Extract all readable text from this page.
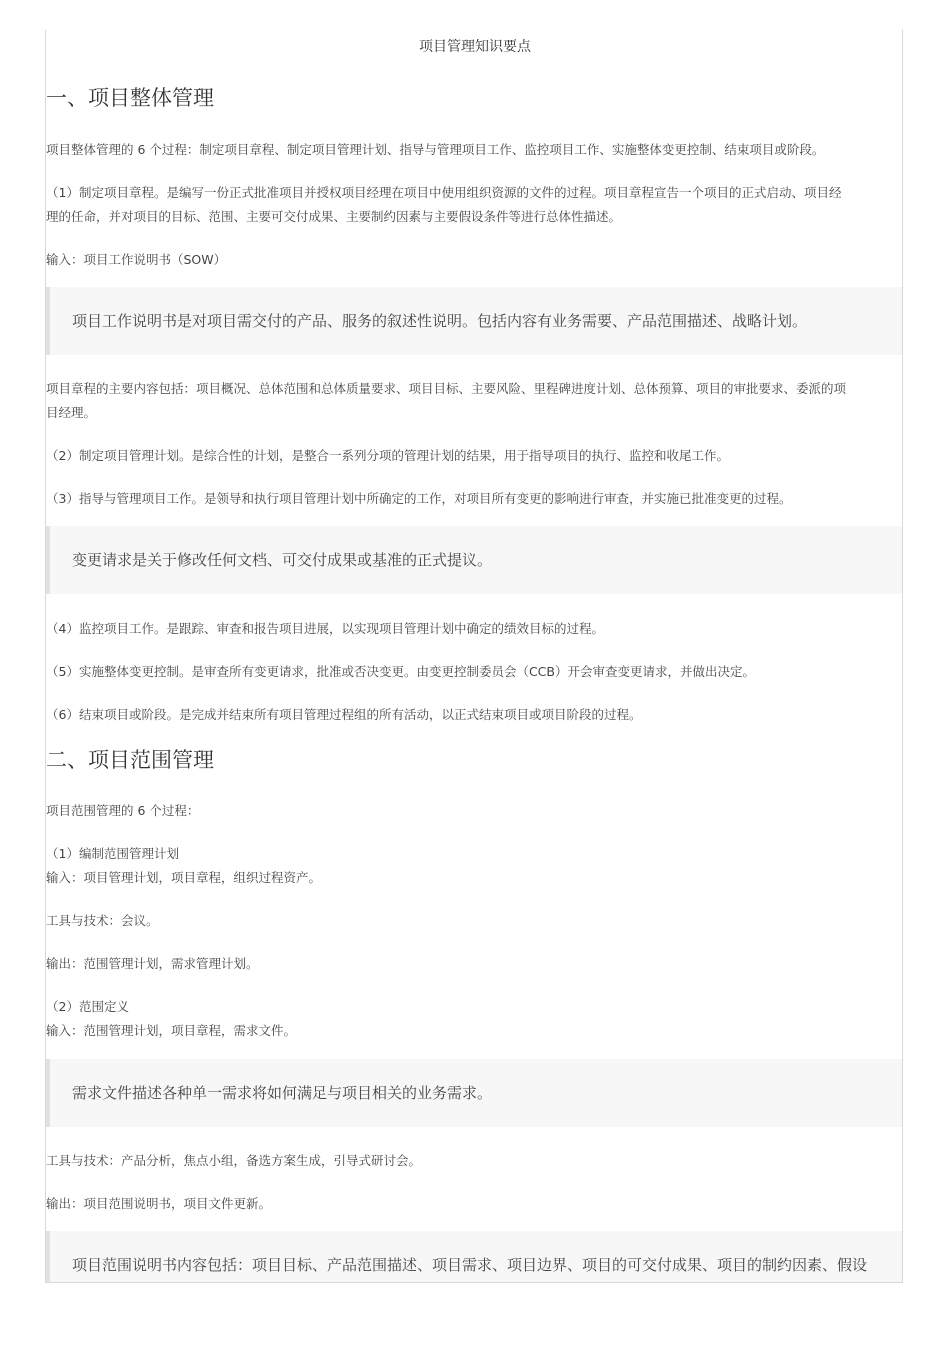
项目管理知识要点
一、项目整体管理
项目整体管理的 6 个过程：制定项目章程、制定项目管理计划、指导与管理项目工作、监控项目工作、实施整体变更控制、结束项目或阶段。
（1）制定项目章程。是编写一份正式批准项目并授权项目经理在项目中使用组织资源的文件的过程。项目章程宣告一个项目的正式启动、项目经
理的任命，并对项目的目标、范围、主要可交付成果、主要制约因素与主要假设条件等进行总体性描述。
输入：项目工作说明书（SOW）
项目工作说明书是对项目需交付的产品、服务的叙述性说明。包括内容有业务需要、产品范围描述、战略计划。
项目章程的主要内容包括：项目概况、总体范围和总体质量要求、项目目标、主要风险、里程碑进度计划、总体预算、项目的审批要求、委派的项
目经理。
（2）制定项目管理计划。是综合性的计划，是整合一系列分项的管理计划的结果，用于指导项目的执行、监控和收尾工作。
（3）指导与管理项目工作。是领导和执行项目管理计划中所确定的工作，对项目所有变更的影响进行审查，并实施已批准变更的过程。
变更请求是关于修改任何文档、可交付成果或基准的正式提议。
（4）监控项目工作。是跟踪、审查和报告项目进展，以实现项目管理计划中确定的绩效目标的过程。
（5）实施整体变更控制。是审查所有变更请求，批准或否决变更。由变更控制委员会（CCB）开会审查变更请求，并做出决定。
（6）结束项目或阶段。是完成并结束所有项目管理过程组的所有活动，以正式结束项目或项目阶段的过程。
二、项目范围管理
项目范围管理的 6 个过程：
（1）编制范围管理计划
输入：项目管理计划，项目章程，组织过程资产。
工具与技术：会议。
输出：范围管理计划，需求管理计划。
（2）范围定义
输入：范围管理计划，项目章程，需求文件。
需求文件描述各种单一需求将如何满足与项目相关的业务需求。
工具与技术：产品分析，焦点小组，备选方案生成，引导式研讨会。
输出：项目范围说明书，项目文件更新。
项目范围说明书内容包括：项目目标、产品范围描述、项目需求、项目边界、项目的可交付成果、项目的制约因素、假设
